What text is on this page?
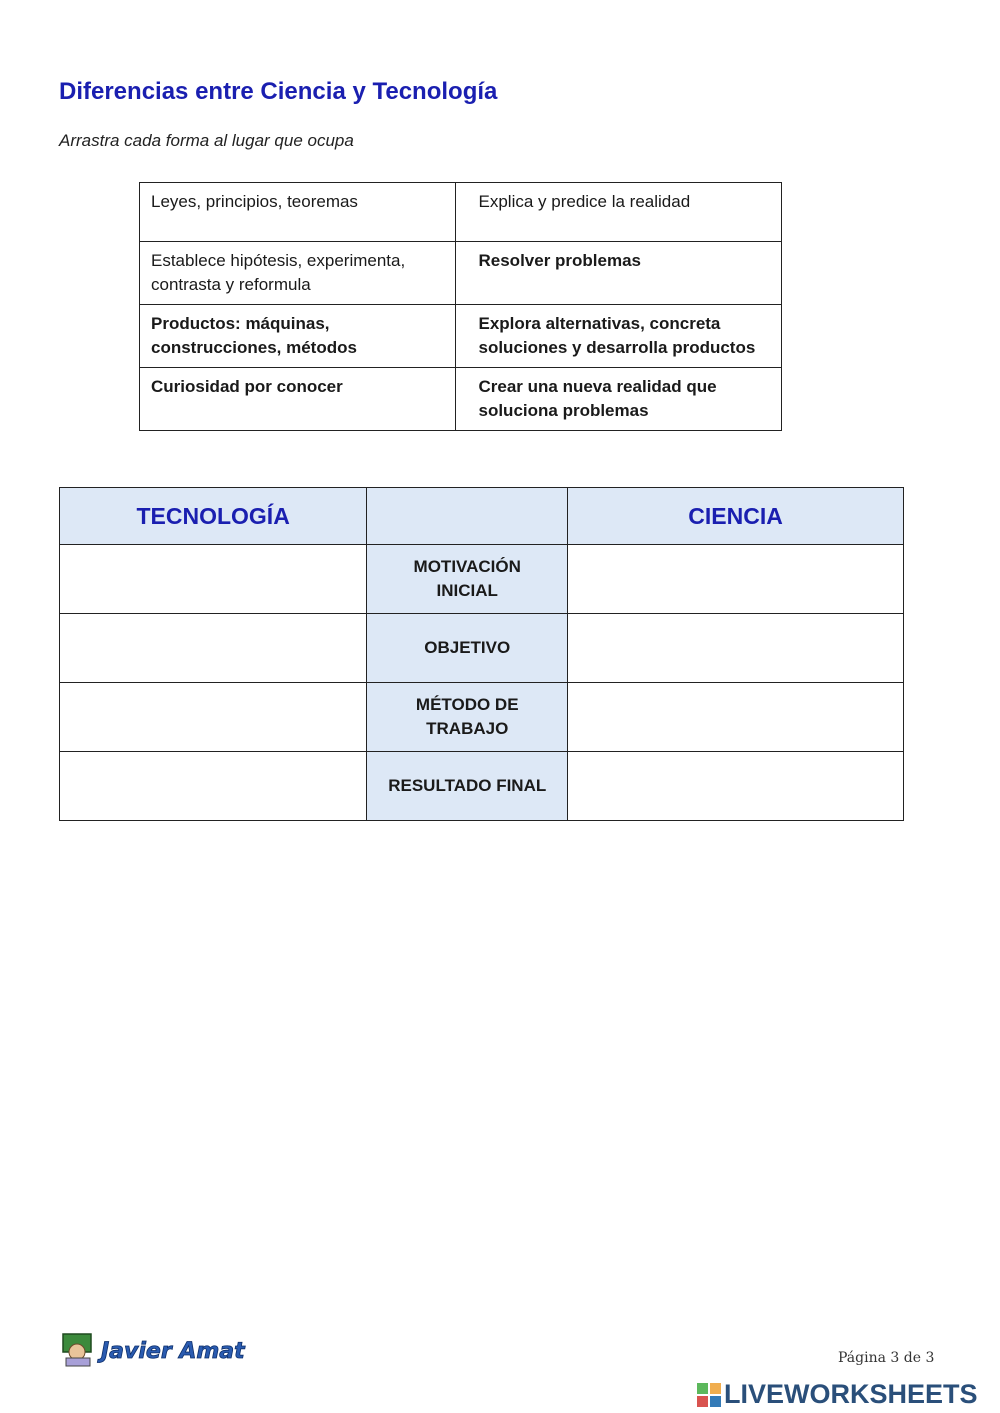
Diferencias entre Ciencia y Tecnología
Arrastra cada forma al lugar que ocupa
Leyes, principios, teoremas	Explica y predice la realidad
Establece hipótesis, experimenta, contrasta y reformula	Resolver problemas
Productos: máquinas, construcciones, métodos	Explora alternativas, concreta soluciones y desarrolla productos
Curiosidad por conocer	Crear una nueva realidad que soluciona problemas
TECNOLOGÍA		CIENCIA

	MOTIVACIÓN INICIAL	

	OBJETIVO	

	MÉTODO DE TRABAJO	

	RESULTADO FINAL	
Javier Amat	Página 3 de 3
LIVEWORKSHEETS
